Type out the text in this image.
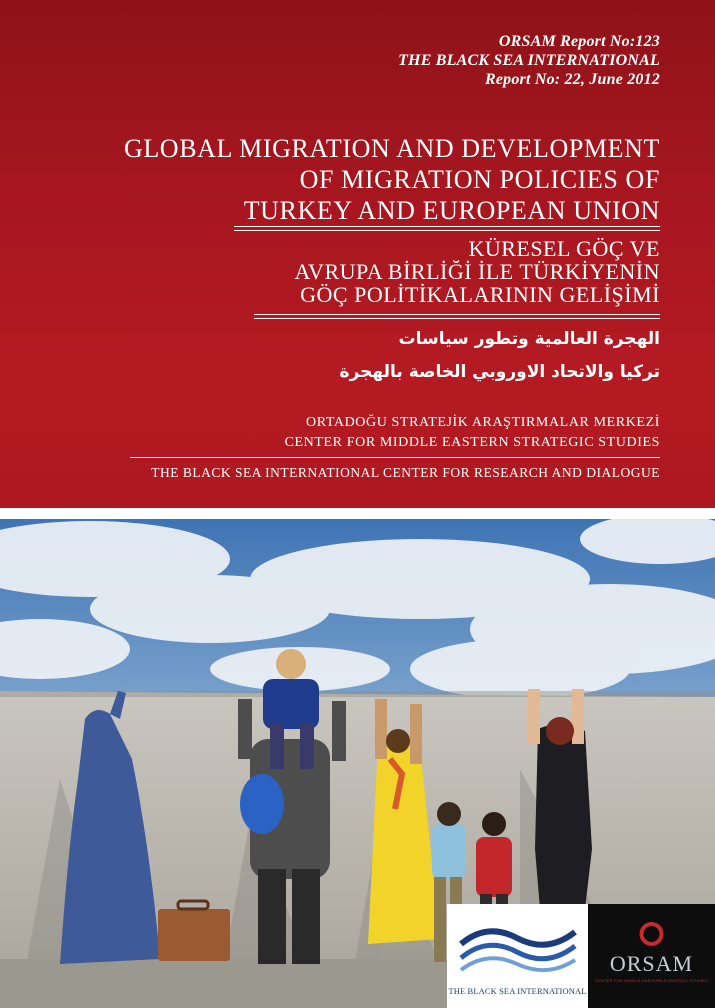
ORSAM Report No:123
THE BLACK SEA INTERNATIONAL
Report No: 22, June 2012
GLOBAL MIGRATION AND DEVELOPMENT
OF MIGRATION POLICIES OF
TURKEY AND EUROPEAN UNION
KÜRESEL GÖÇ VE
AVRUPA BİRLİĞİ İLE TÜRKİYENİN
GÖÇ POLİTİKALARININ GELİŞİMİ
الهجرة العالمية وتطور سياسات
تركيا والاتحاد الاوروبي الخاصة بالهجرة
ORTADOĞU STRATEJİK ARAŞTIRMALAR MERKEZİ
CENTER FOR MIDDLE EASTERN STRATEGIC STUDIES
THE BLACK SEA INTERNATIONAL CENTER FOR RESEARCH AND DIALOGUE
THE BLACK SEA INTERNATIONAL
ORSAM
CENTER FOR MIDDLE EASTERN STRATEGIC STUDIES
